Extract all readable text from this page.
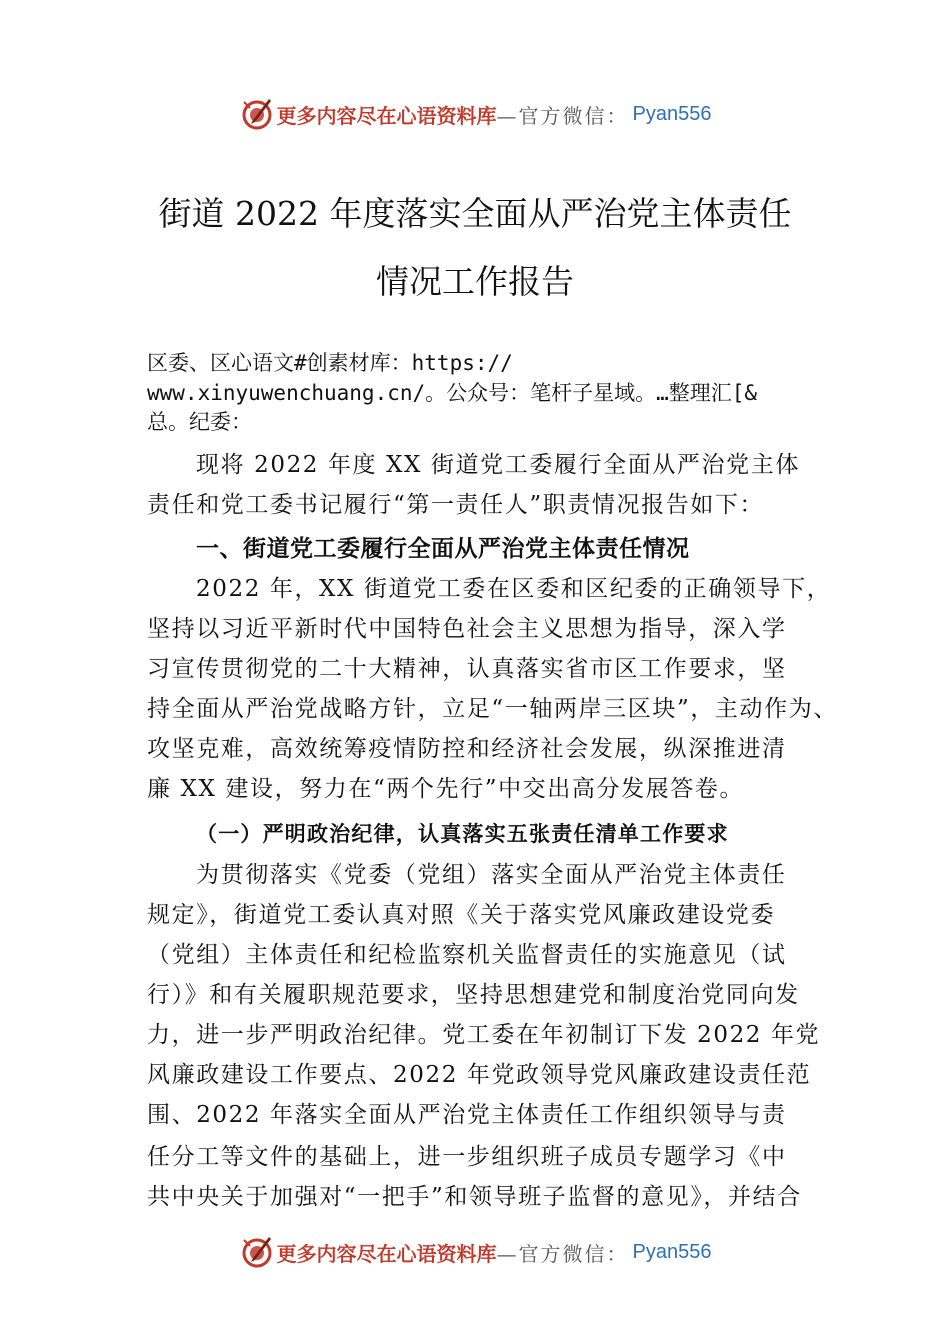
更多内容尽在心语资料库 —官方微信： Pyan556
街道 2022 年度落实全面从严治党主体责任
情况工作报告
区委、区心语文#创素材库：https://
www.xinyuwenchuang.cn/。公众号：笔杆子星域。…整理汇[&
总。纪委：
现将 2022 年度 XX 街道党工委履行全面从严治党主体
责任和党工委书记履行“第一责任人”职责情况报告如下：
一、街道党工委履行全面从严治党主体责任情况
2022 年，XX 街道党工委在区委和区纪委的正确领导下，
坚持以习近平新时代中国特色社会主义思想为指导，深入学
习宣传贯彻党的二十大精神，认真落实省市区工作要求，坚
持全面从严治党战略方针，立足“一轴两岸三区块”，主动作为、
攻坚克难，高效统筹疫情防控和经济社会发展，纵深推进清
廉 XX 建设，努力在“两个先行”中交出高分发展答卷。
（一）严明政治纪律，认真落实五张责任清单工作要求
为贯彻落实《党委（党组）落实全面从严治党主体责任
规定》，街道党工委认真对照《关于落实党风廉政建设党委
（党组）主体责任和纪检监察机关监督责任的实施意见（试
行）》和有关履职规范要求，坚持思想建党和制度治党同向发
力，进一步严明政治纪律。党工委在年初制订下发 2022 年党
风廉政建设工作要点、2022 年党政领导党风廉政建设责任范
围、2022 年落实全面从严治党主体责任工作组织领导与责
任分工等文件的基础上，进一步组织班子成员专题学习《中
共中央关于加强对“一把手”和领导班子监督的意见》，并结合
更多内容尽在心语资料库 —官方微信： Pyan556
